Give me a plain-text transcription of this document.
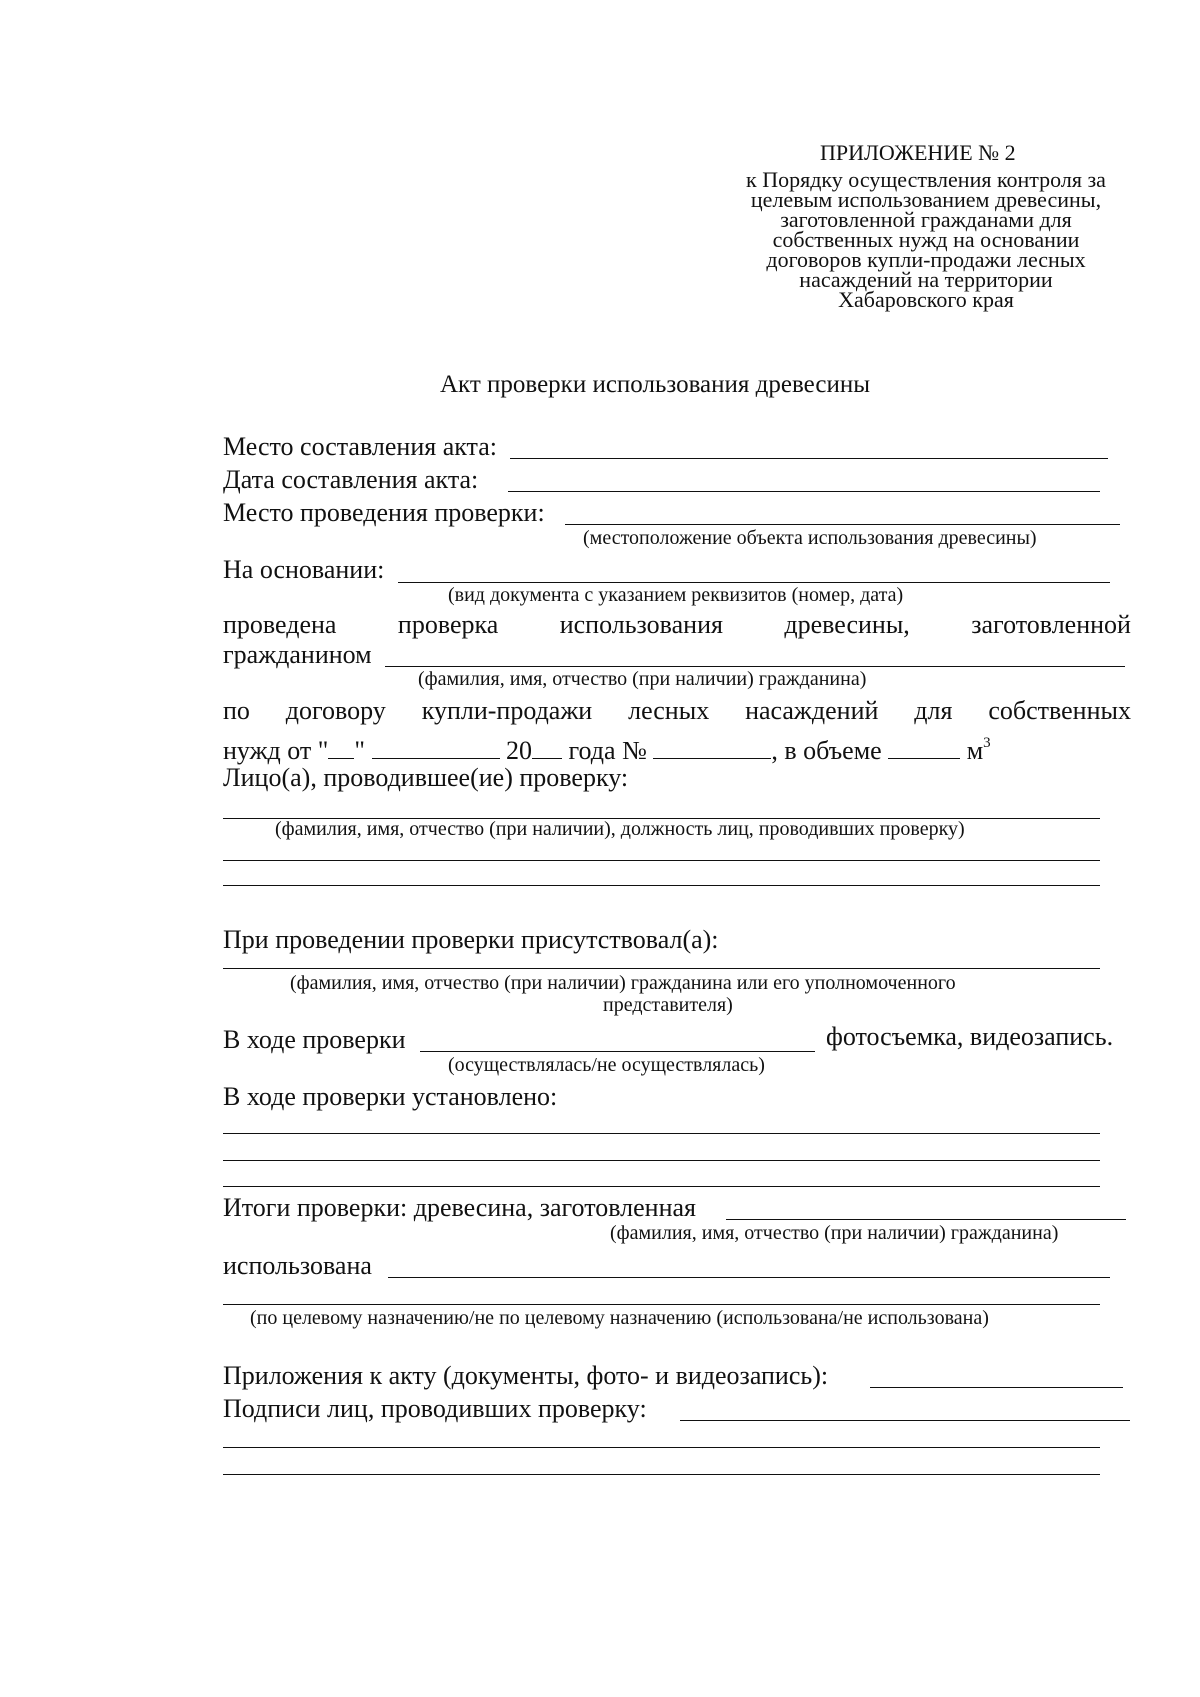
ПРИЛОЖЕНИЕ № 2
к Порядку осуществления контроля за
целевым использованием древесины,
заготовленной гражданами для
собственных нужд на основании
договоров купли-продажи лесных
насаждений на территории
Хабаровского края
Акт проверки использования древесины
Место составления акта:
Дата составления акта:
Место проведения проверки:
(местоположение объекта использования древесины)
На основании:
(вид документа с указанием реквизитов (номер, дата)
проведена проверка использования древесины, заготовленной
гражданином
(фамилия, имя, отчество (при наличии) гражданина)
по договору купли-продажи лесных насаждений для собственных
нужд от " "	20 года №	, в объеме	$м^3$
Лицо(а), проводившее(ие) проверку:
(фамилия, имя, отчество (при наличии), должность лиц, проводивших проверку)
При проведении проверки присутствовал(а):
(фамилия, имя, отчество (при наличии) гражданина или его уполномоченного
представителя)
В ходе проверки	фотосъемка, видеозапись.
(осуществлялась/не осуществлялась)
В ходе проверки установлено:
Итоги проверки: древесина, заготовленная
(фамилия, имя, отчество (при наличии) гражданина)
использована
(по целевому назначению/не по целевому назначению (использована/не использована)
Приложения к акту (документы, фото- и видеозапись):
Подписи лиц, проводивших проверку:
